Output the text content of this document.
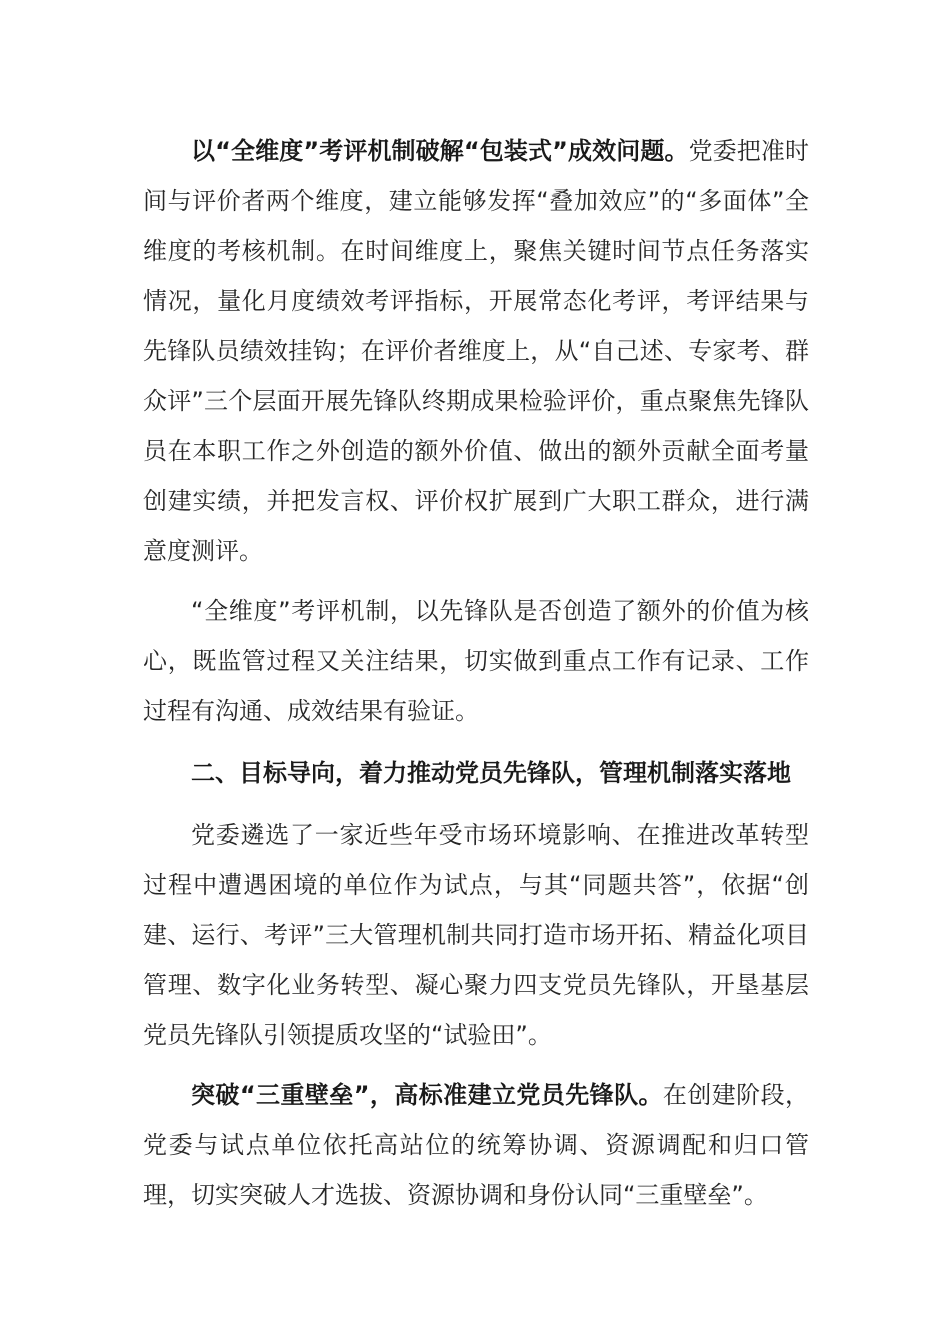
以“全维度”考评机制破解“包装式”成效问题。党委把准时间与评价者两个维度，建立能够发挥“叠加效应”的“多面体”全维度的考核机制。在时间维度上，聚焦关键时间节点任务落实情况，量化月度绩效考评指标，开展常态化考评，考评结果与先锋队员绩效挂钩；在评价者维度上，从“自己述、专家考、群众评”三个层面开展先锋队终期成果检验评价，重点聚焦先锋队员在本职工作之外创造的额外价值、做出的额外贡献全面考量创建实绩，并把发言权、评价权扩展到广大职工群众，进行满意度测评。

“全维度”考评机制，以先锋队是否创造了额外的价值为核心，既监管过程又关注结果，切实做到重点工作有记录、工作过程有沟通、成效结果有验证。

二、目标导向，着力推动党员先锋队，管理机制落实落地

党委遴选了一家近些年受市场环境影响、在推进改革转型过程中遭遇困境的单位作为试点，与其“同题共答”，依据“创建、运行、考评”三大管理机制共同打造市场开拓、精益化项目管理、数字化业务转型、凝心聚力四支党员先锋队，开垦基层党员先锋队引领提质攻坚的“试验田”。

突破“三重壁垒”，高标准建立党员先锋队。在创建阶段，党委与试点单位依托高站位的统筹协调、资源调配和归口管理，切实突破人才选拔、资源协调和身份认同“三重壁垒”。
